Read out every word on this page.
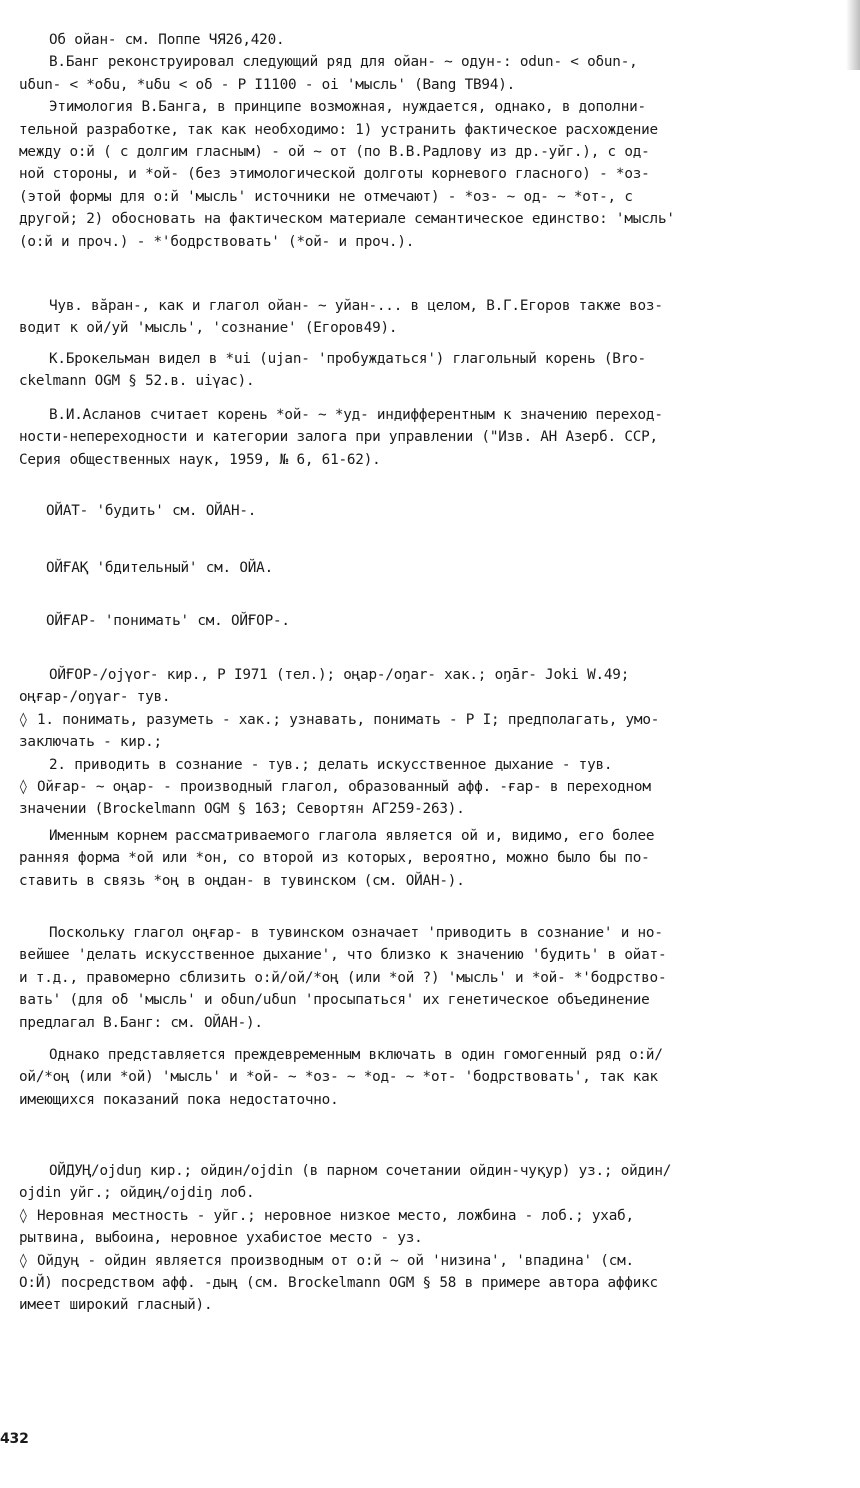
Об ойан- см. Поппе ЧЯ26,420.
В.Банг реконструировал следующий ряд для ойан- ~ одун-: odun- < oδun-,
uδun- < *oδu, *uδu < oδ - P I1100 - oi 'мысль' (Bang TB94).
Этимология В.Банга, в принципе возможная, нуждается, однако, в дополни-
тельной разработке, так как необходимо: 1) устранить фактическое расхождение
между о:й ( с долгим гласным) - ой ~ от (по В.В.Радлову из др.-уйг.), с од-
ной стороны, и *ой- (без этимологической долготы корневого гласного) - *оз-
(этой формы для о:й 'мысль' источники не отмечают) - *оз- ~ од- ~ *от-, с
другой; 2) обосновать на фактическом материале семантическое единство: 'мысль'
(о:й и проч.) - *'бодрствовать' (*ой- и проч.).
Чув. вăран-, как и глагол ойан- ~ уйан-... в целом, В.Г.Егоров также воз-
водит к ой/уй 'мысль', 'сознание' (Егоров49).
К.Брокельман видел в *ui (ujan- 'пробуждаться') глагольный корень (Bro-
ckelmann OGM § 52.в. uiγaс).
В.И.Асланов считает корень *ой- ~ *уд- индифферентным к значению переход-
ности-непереходности и категории залога при управлении ("Изв. АН Азерб. ССР,
Серия общественных наук, 1959, № 6, 61-62).

ОЙАТ- 'будить' см. ОЙАН-.

ОЙҒАҚ 'бдительный' см. ОЙА.

ОЙҒАР- 'понимать' см. ОЙҒОР-.

ОЙҒОР-/ojγor- кир., P I971 (тел.); оңар-/oŋar- хак.; oŋār- Joki W.49;
оңғар-/oŋγar- тув.
◊ 1. понимать, разуметь - хак.; узнавать, понимать - Р I; предполагать, умо-
заключать - кир.;
2. приводить в сознание - тув.; делать искусственное дыхание - тув.
◊ Ойғар- ~ оңар- - производный глагол, образованный афф. -ғар- в переходном
значении (Brockelmann OGM § 163; Севортян АГ259-263).
Именным корнем рассматриваемого глагола является ой и, видимо, его более
ранняя форма *ой или *он, со второй из которых, вероятно, можно было бы по-
ставить в связь *оң в оңдан- в тувинском (см. ОЙАН-).
Поскольку глагол оңғар- в тувинском означает 'приводить в сознание' и но-
вейшее 'делать искусственное дыхание', что близко к значению 'будить' в ойат-
и т.д., правомерно сблизить о:й/ой/*оң (или *ой ?) 'мысль' и *ой- *'бодрство-
вать' (для оδ 'мысль' и oδun/uδun 'просыпаться' их генетическое объединение
предлагал В.Банг: см. ОЙАН-).
Однако представляется преждевременным включать в один гомогенный ряд о:й/
ой/*оң (или *ой) 'мысль' и *ой- ~ *оз- ~ *од- ~ *от- 'бодрствовать', так как
имеющихся показаний пока недостаточно.
ОЙДУҢ/ojduŋ кир.; ойдин/ojdin (в парном сочетании ойдин-чуқур) уз.; ойдин/
ojdin уйг.; ойдиң/ojdiŋ лоб.
◊ Неровная местность - уйг.; неровное низкое место, ложбина - лоб.; ухаб,
рытвина, выбоина, неровное ухабистое место - уз.
◊ Ойдуң - ойдин является производным от о:й ~ ой 'низина', 'впадина' (см.
О:Й) посредством афф. -дың (см. Brockelmann OGM § 58 в примере автора аффикс
имеет широкий гласный).
432
